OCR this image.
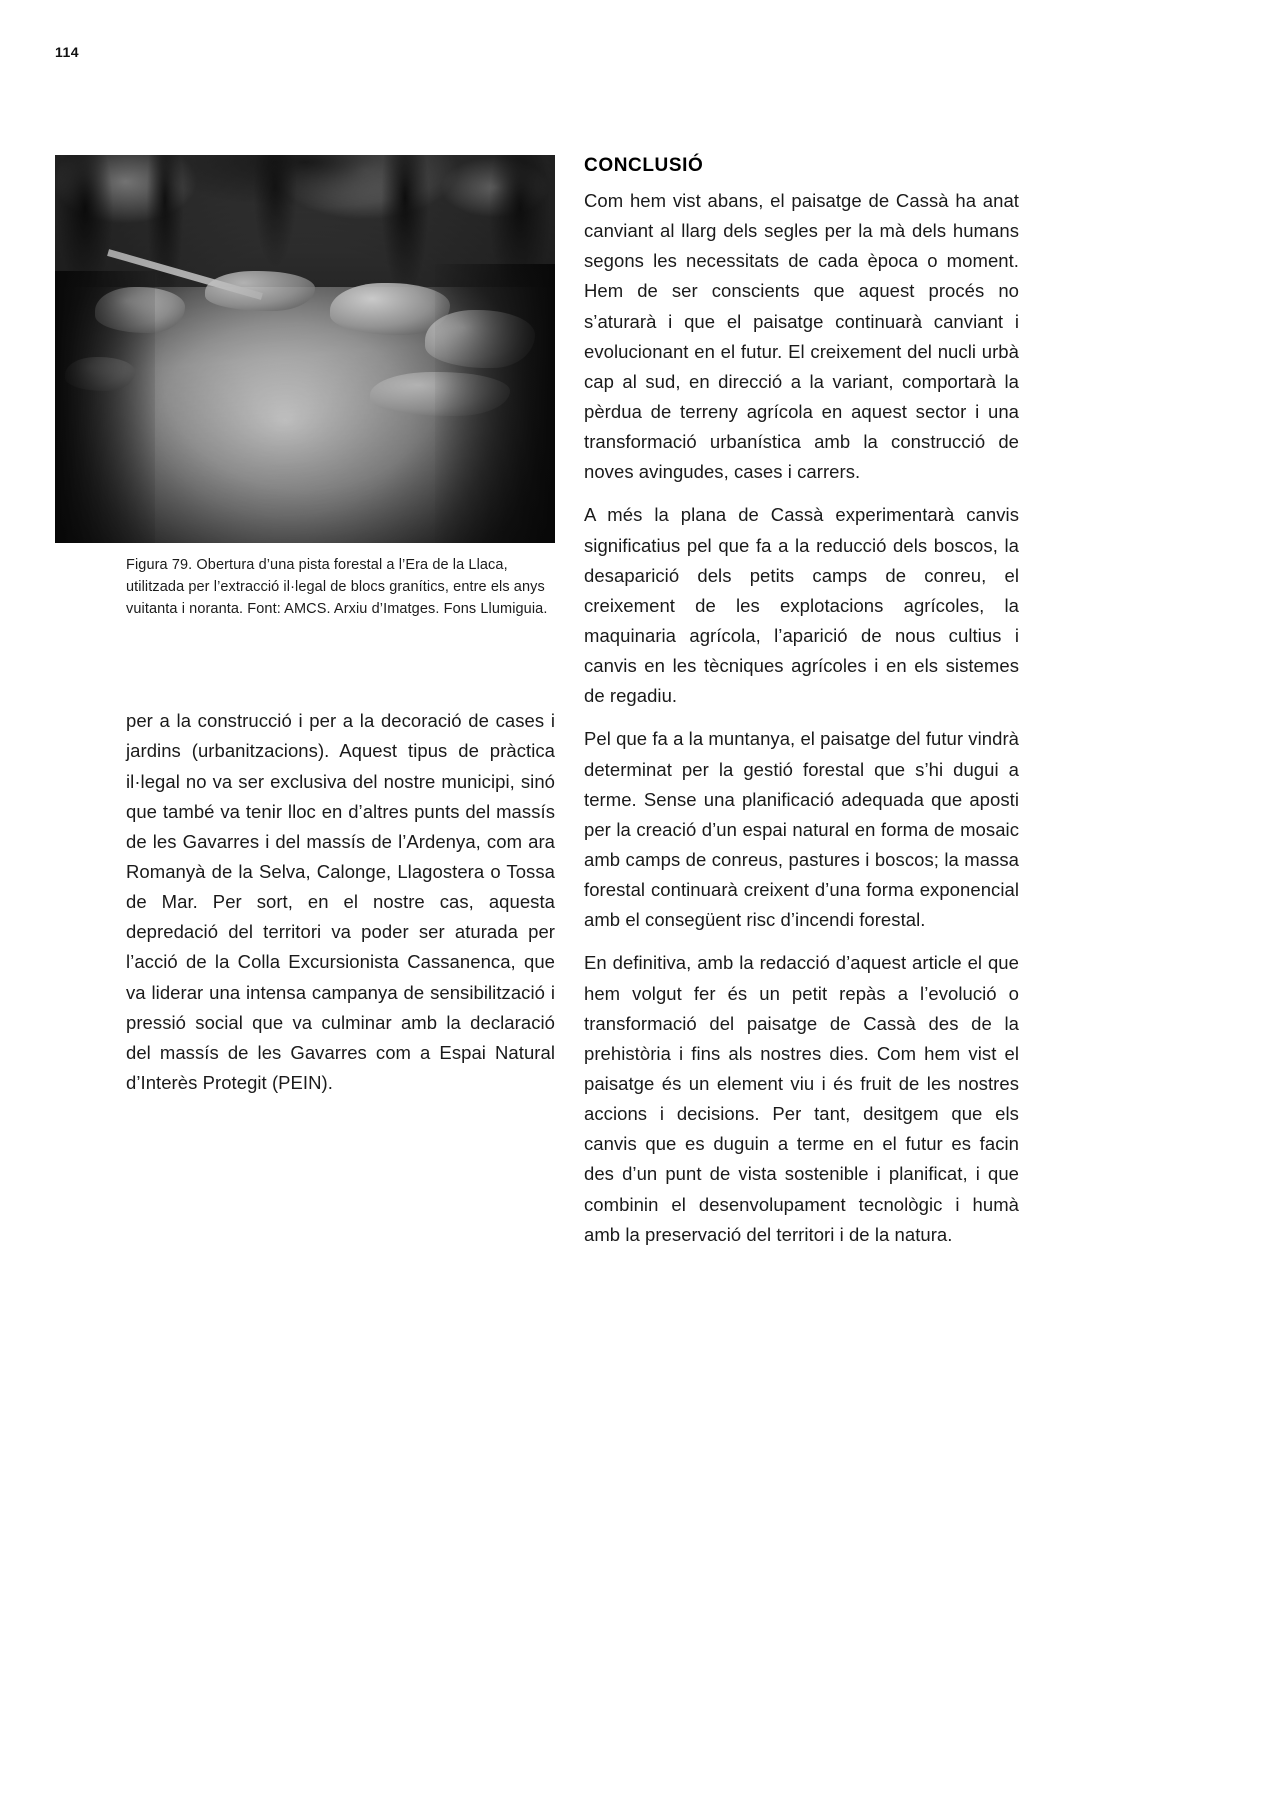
114
Figura 79. Obertura d’una pista forestal a l’Era de la Llaca, utilitzada per l’extracció il·legal de blocs granítics, entre els anys vuitanta i noranta. Font: AMCS. Arxiu d’Imatges. Fons Llumiguia.

per a la construcció i per a la decoració de cases i jardins (urbanitzacions). Aquest tipus de pràctica il·legal no va ser exclusiva del nostre municipi, sinó que també va tenir lloc en d’altres punts del massís de les Gavarres i del massís de l’Ardenya, com ara Romanyà de la Selva, Calonge, Llagostera o Tossa de Mar. Per sort, en el nostre cas, aquesta depredació del territori va poder ser aturada per l’acció de la Colla Excursionista Cassanenca, que va liderar una intensa campanya de sensibilització i pressió social que va culminar amb la declaració del massís de les Gavarres com a Espai Natural d’Interès Protegit (PEIN).

CONCLUSIÓ

Com hem vist abans, el paisatge de Cassà ha anat canviant al llarg dels segles per la mà dels humans segons les necessitats de cada època o moment. Hem de ser conscients que aquest procés no s’aturarà i que el paisatge continuarà canviant i evolucionant en el futur. El creixement del nucli urbà cap al sud, en direcció a la variant, comportarà la pèrdua de terreny agrícola en aquest sector i una transformació urbanística amb la construcció de noves avingudes, cases i carrers.

A més la plana de Cassà experimentarà canvis significatius pel que fa a la reducció dels boscos, la desaparició dels petits camps de conreu, el creixement de les explotacions agrícoles, la maquinaria agrícola, l’aparició de nous cultius i canvis en les tècniques agrícoles i en els sistemes de regadiu.

Pel que fa a la muntanya, el paisatge del futur vindrà determinat per la gestió forestal que s’hi dugui a terme. Sense una planificació adequada que aposti per la creació d’un espai natural en forma de mosaic amb camps de conreus, pastures i boscos; la massa forestal continuarà creixent d’una forma exponencial amb el consegüent risc d’incendi forestal.

En definitiva, amb la redacció d’aquest article el que hem volgut fer és un petit repàs a l’evolució o transformació del paisatge de Cassà des de la prehistòria i fins als nostres dies. Com hem vist el paisatge és un element viu i és fruit de les nostres accions i decisions. Per tant, desitgem que els canvis que es duguin a terme en el futur es facin des d’un punt de vista sostenible i planificat, i que combinin el desenvolupament tecnològic i humà amb la preservació del territori i de la natura.
